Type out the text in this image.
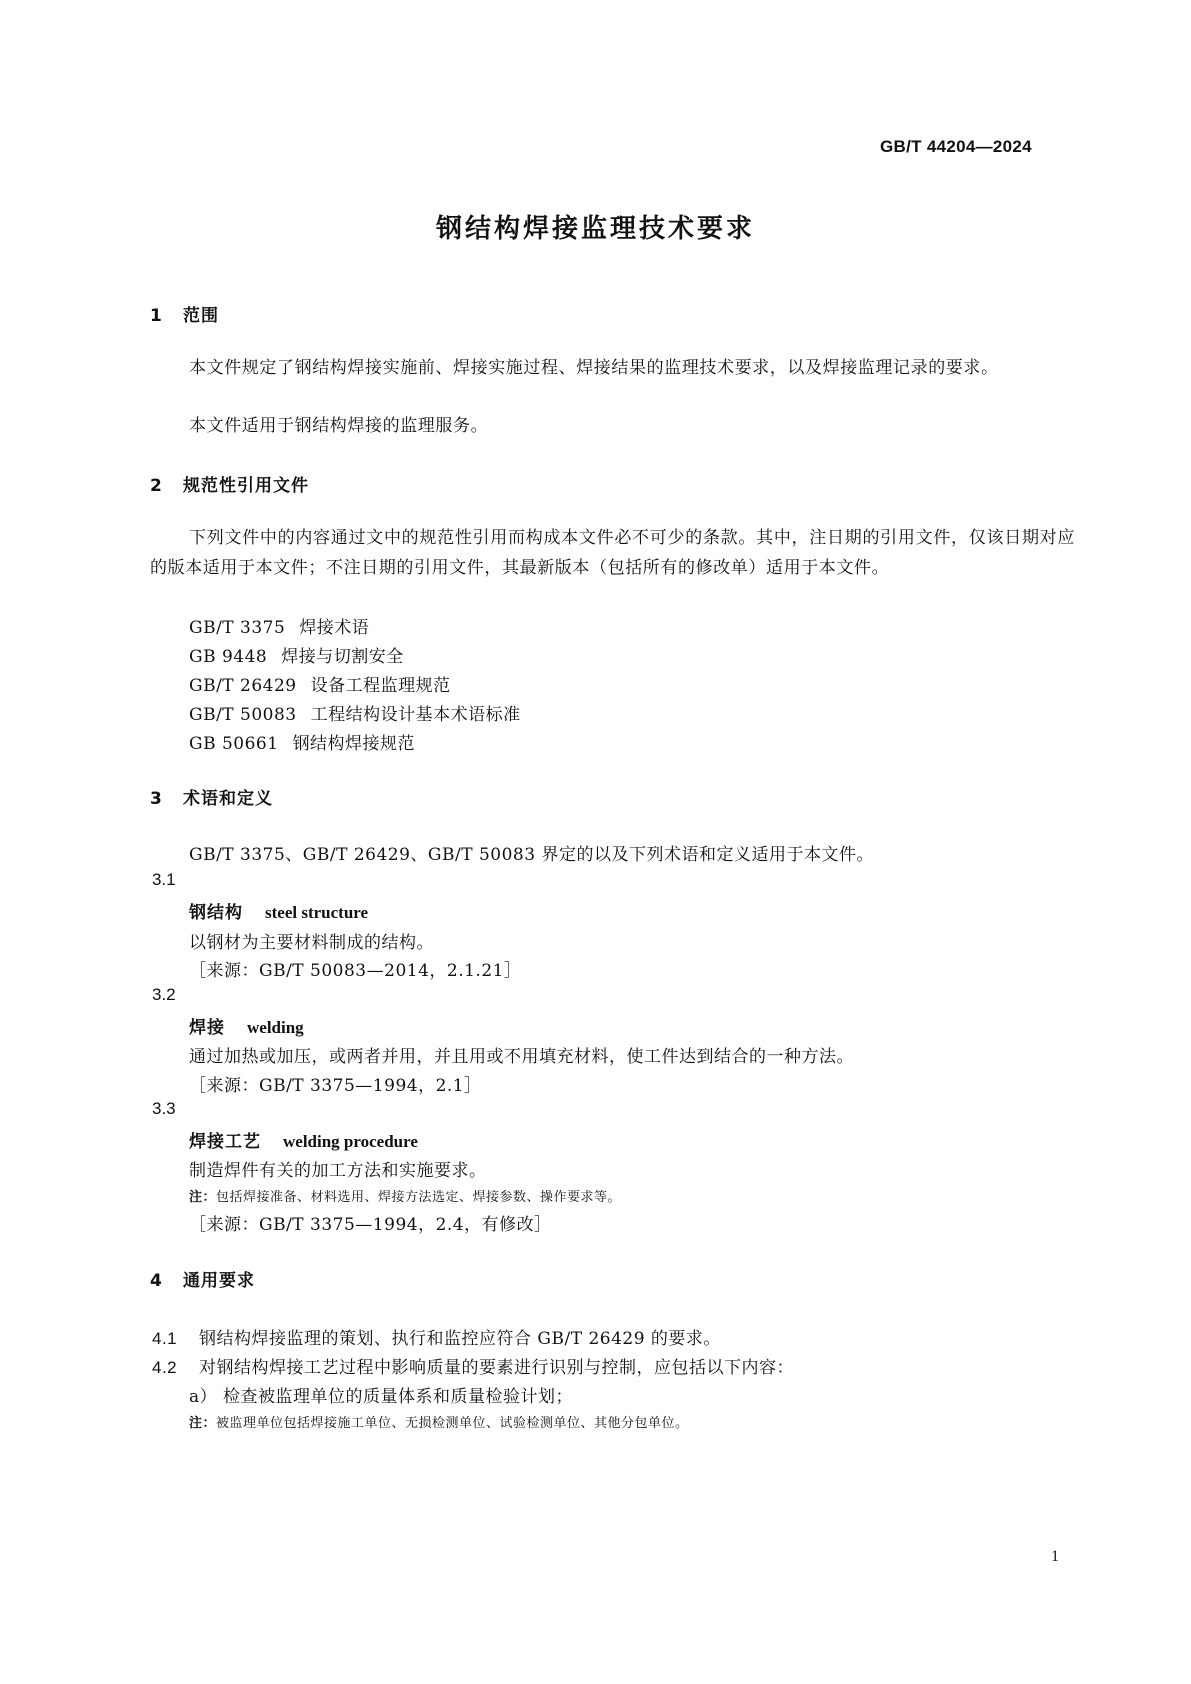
GB/T 44204—2024
钢结构焊接监理技术要求
1 范围
本文件规定了钢结构焊接实施前、焊接实施过程、焊接结果的监理技术要求，以及焊接监理记录的要求。
本文件适用于钢结构焊接的监理服务。
2 规范性引用文件
下列文件中的内容通过文中的规范性引用而构成本文件必不可少的条款。其中，注日期的引用文件，仅该日期对应的版本适用于本文件；不注日期的引用文件，其最新版本（包括所有的修改单）适用于本文件。
GB/T 3375 焊接术语
GB 9448 焊接与切割安全
GB/T 26429 设备工程监理规范
GB/T 50083 工程结构设计基本术语标准
GB 50661 钢结构焊接规范
3 术语和定义
GB/T 3375、GB/T 26429、GB/T 50083 界定的以及下列术语和定义适用于本文件。
3.1
钢结构 steel structure
以钢材为主要材料制成的结构。
［来源：GB/T 50083—2014，2.1.21］
3.2
焊接 welding
通过加热或加压，或两者并用，并且用或不用填充材料，使工件达到结合的一种方法。
［来源：GB/T 3375—1994，2.1］
3.3
焊接工艺 welding procedure
制造焊件有关的加工方法和实施要求。
注：包括焊接准备、材料选用、焊接方法选定、焊接参数、操作要求等。
［来源：GB/T 3375—1994，2.4，有修改］
4 通用要求
4.1 钢结构焊接监理的策划、执行和监控应符合 GB/T 26429 的要求。
4.2 对钢结构焊接工艺过程中影响质量的要素进行识别与控制，应包括以下内容：
a） 检查被监理单位的质量体系和质量检验计划；
注：被监理单位包括焊接施工单位、无损检测单位、试验检测单位、其他分包单位。
1
